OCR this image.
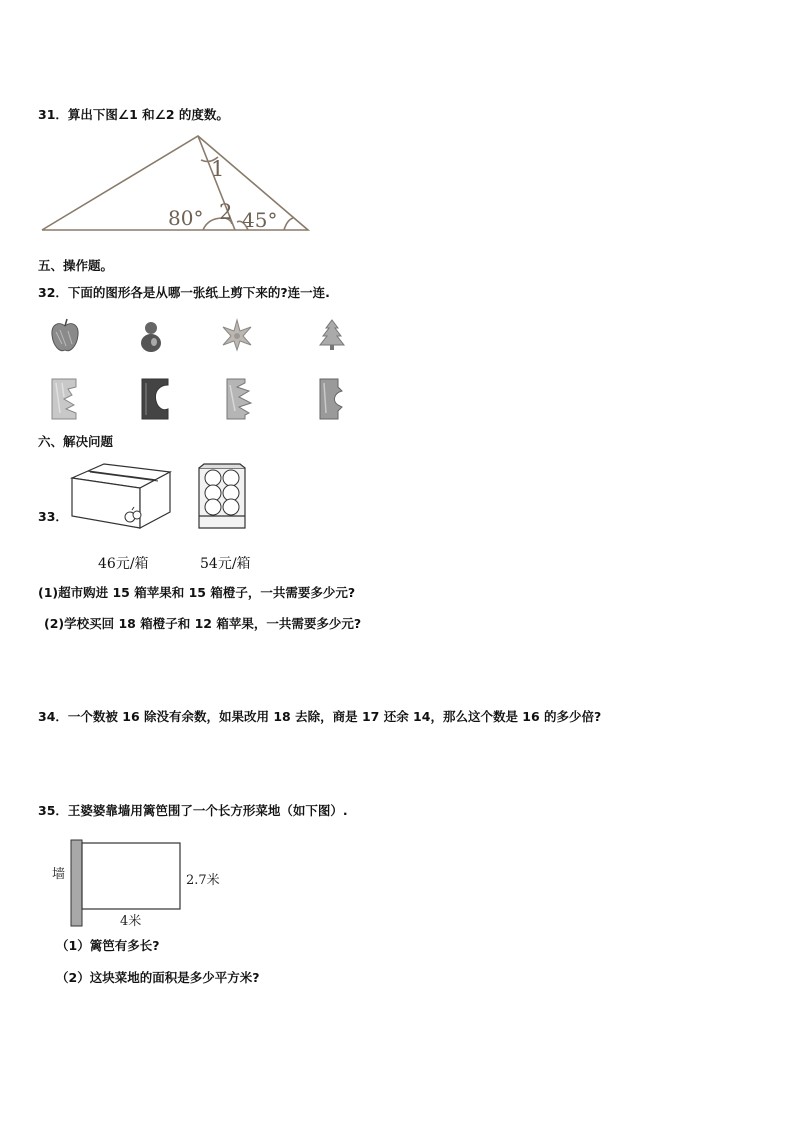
31．算出下图∠1 和∠2 的度数。
1
2
80° 45°
五、操作题。
32．下面的图形各是从哪一张纸上剪下来的?连一连.
六、解决问题
33．
46元/箱	54元/箱
(1)超市购进 15 箱苹果和 15 箱橙子，一共需要多少元?
(2)学校买回 18 箱橙子和 12 箱苹果，一共需要多少元?
34．一个数被 16 除没有余数，如果改用 18 去除，商是 17 还余 14，那么这个数是 16 的多少倍?
35．王婆婆靠墙用篱笆围了一个长方形菜地（如下图）.
墙	2.7米
4米
（1）篱笆有多长?
（2）这块菜地的面积是多少平方米?
